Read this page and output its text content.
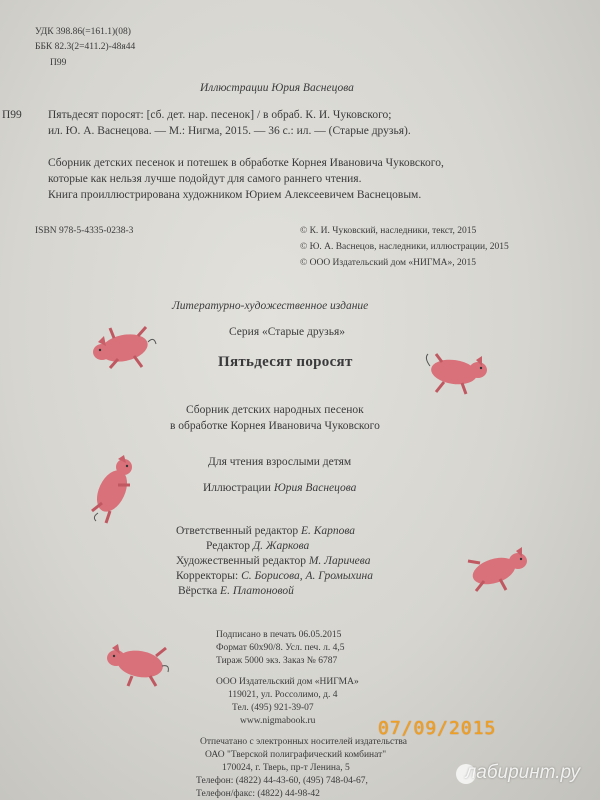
УДК 398.86(=161.1)(08)
ББК 82.3(2=411.2)-48я44
П99
Иллюстрации Юрия Васнецова
П99 Пятьдесят поросят: [сб. дет. нар. песенок] / в обраб. К. И. Чуковского;
ил. Ю. А. Васнецова. — М.: Нигма, 2015. — 36 с.: ил. — (Старые друзья).
Сборник детских песенок и потешек в обработке Корнея Ивановича Чуковского,
которые как нельзя лучше подойдут для самого раннего чтения.
Книга проиллюстрирована художником Юрием Алексеевичем Васнецовым.
ISBN 978-5-4335-0238-3	© К. И. Чуковский, наследники, текст, 2015
© Ю. А. Васнецов, наследники, иллюстрации, 2015
© ООО Издательский дом «НИГМА», 2015
Литературно-художественное издание
Серия «Старые друзья»
Пятьдесят поросят
Сборник детских народных песенок
в обработке Корнея Ивановича Чуковского
Для чтения взрослыми детям
Иллюстрации Юрия Васнецова
Ответственный редактор Е. Карпова
Редактор Д. Жаркова
Художественный редактор М. Ларичева
Корректоры: С. Борисова, А. Громыхина
Вёрстка Е. Платоновой
Подписано в печать 06.05.2015
Формат 60х90/8. Усл. печ. л. 4,5
Тираж 5000 экз. Заказ № 6787
ООО Издательский дом «НИГМА»
119021, ул. Россолимо, д. 4
Тел. (495) 921-39-07
www.nigmabook.ru
Отпечатано с электронных носителей издательства
ОАО "Тверской полиграфический комбинат"
170024, г. Тверь, пр-т Ленина, 5
Телефон: (4822) 44-43-60, (495) 748-04-67,
Телефон/факс: (4822) 44-98-42
07/09/2015
лабиринт.ру
